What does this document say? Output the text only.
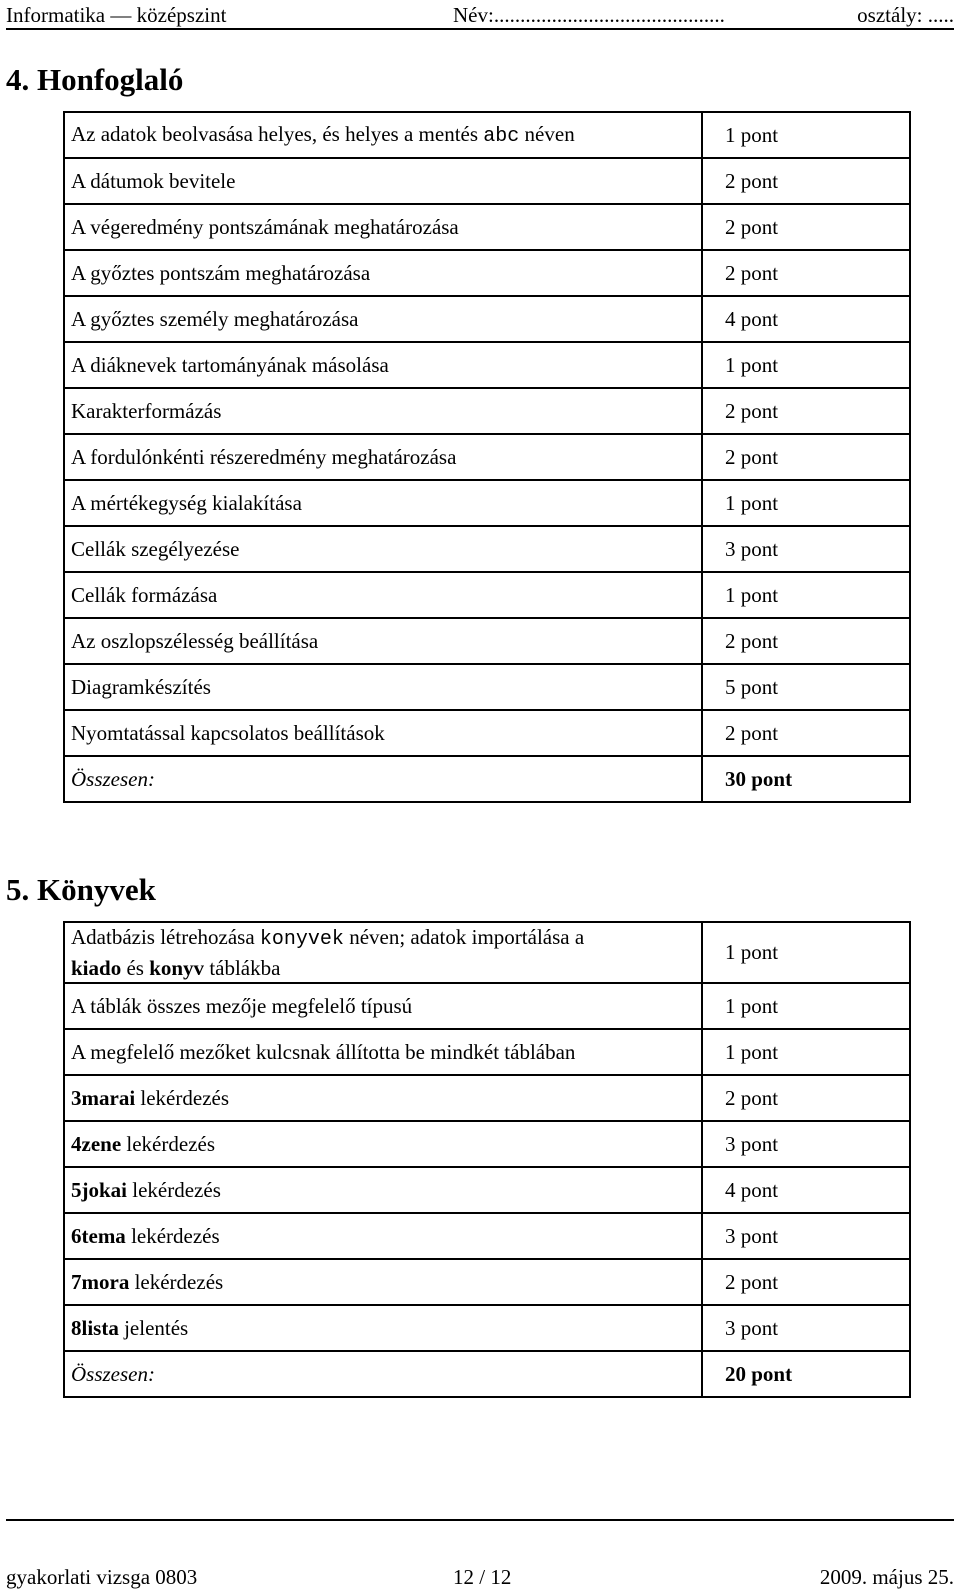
Informatika — középszint	Név:............................................	osztály: .....
4. Honfoglaló
Az adatok beolvasása helyes, és helyes a mentés abc néven	1 pont
A dátumok bevitele	2 pont
A végeredmény pontszámának meghatározása	2 pont
A győztes pontszám meghatározása	2 pont
A győztes személy meghatározása	4 pont
A diáknevek tartományának másolása	1 pont
Karakterformázás	2 pont
A fordulónkénti részeredmény meghatározása	2 pont
A mértékegység kialakítása	1 pont
Cellák szegélyezése	3 pont
Cellák formázása	1 pont
Az oszlopszélesség beállítása	2 pont
Diagramkészítés	5 pont
Nyomtatással kapcsolatos beállítások	2 pont
Összesen:	30 pont
5. Könyvek
Adatbázis létrehozása konyvek néven; adatok importálása a
kiado és konyv táblákba	1 pont
A táblák összes mezője megfelelő típusú	1 pont
A megfelelő mezőket kulcsnak állította be mindkét táblában	1 pont
3marai lekérdezés	2 pont
4zene lekérdezés	3 pont
5jokai lekérdezés	4 pont
6tema lekérdezés	3 pont
7mora lekérdezés	2 pont
8lista jelentés	3 pont
Összesen:	20 pont
gyakorlati vizsga 0803	12 / 12	2009. május 25.
